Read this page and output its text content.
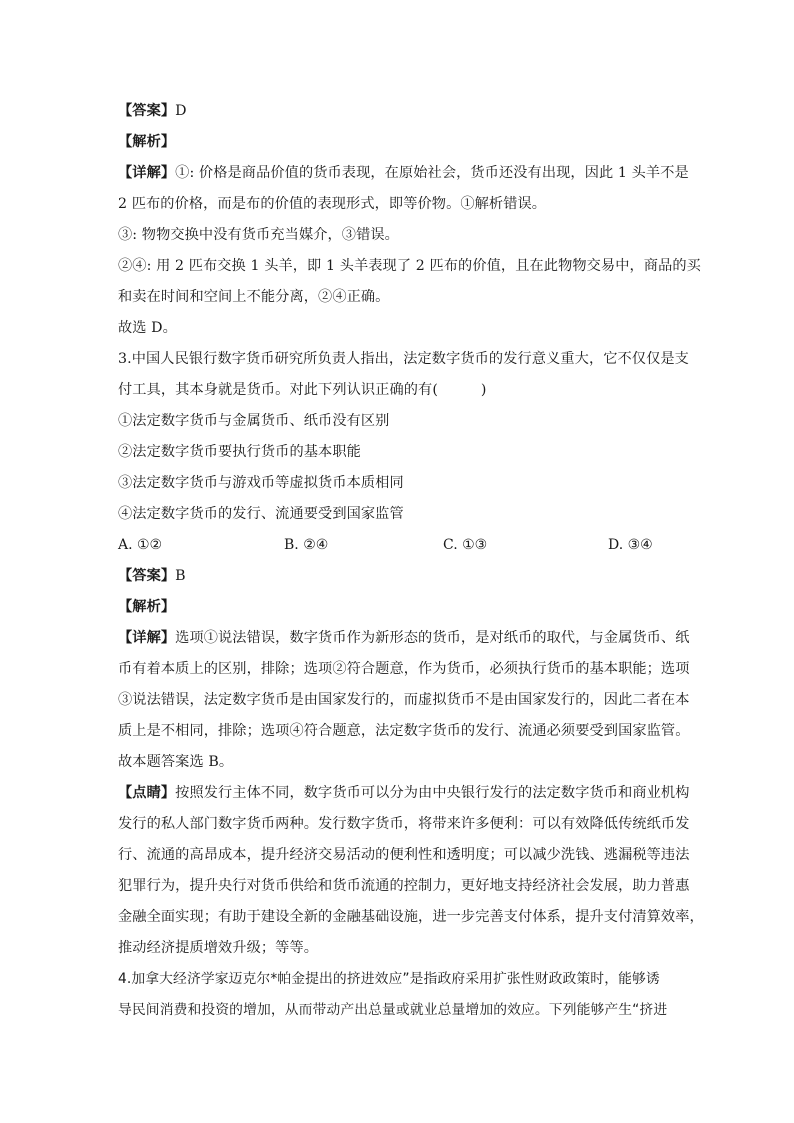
【答案】D
【解析】
【详解】①: 价格是商品价值的货币表现，在原始社会，货币还没有出现，因此 1 头羊不是
2 匹布的价格，而是布的价值的表现形式，即等价物。①解析错误。
③: 物物交换中没有货币充当媒介，③错误。
②④: 用 2 匹布交换 1 头羊，即 1 头羊表现了 2 匹布的价值，且在此物物交易中，商品的买
和卖在时间和空间上不能分离，②④正确。
故选 D。
3.中国人民银行数字货币研究所负责人指出，法定数字货币的发行意义重大，它不仅仅是支
付工具，其本身就是货币。对此下列认识正确的有(　　　)
①法定数字货币与金属货币、纸币没有区别
②法定数字货币要执行货币的基本职能
③法定数字货币与游戏币等虚拟货币本质相同
④法定数字货币的发行、流通要受到国家监管
A. ①②	B. ②④	C. ①③	D. ③④
【答案】B
【解析】
【详解】选项①说法错误，数字货币作为新形态的货币，是对纸币的取代，与金属货币、纸
币有着本质上的区别，排除；选项②符合题意，作为货币，必须执行货币的基本职能；选项
③说法错误，法定数字货币是由国家发行的，而虚拟货币不是由国家发行的，因此二者在本
质上是不相同，排除；选项④符合题意，法定数字货币的发行、流通必须要受到国家监管。
故本题答案选 B。
【点睛】按照发行主体不同，数字货币可以分为由中央银行发行的法定数字货币和商业机构
发行的私人部门数字货币两种。发行数字货币，将带来许多便利：可以有效降低传统纸币发
行、流通的高昂成本，提升经济交易活动的便利性和透明度；可以减少洗钱、逃漏税等违法
犯罪行为，提升央行对货币供给和货币流通的控制力，更好地支持经济社会发展，助力普惠
金融全面实现；有助于建设全新的金融基础设施，进一步完善支付体系，提升支付清算效率，
推动经济提质增效升级；等等。
4.加拿大经济学家迈克尔*帕金提出的挤进效应”是指政府采用扩张性财政政策时，能够诱
导民间消费和投资的增加，从而带动产出总量或就业总量增加的效应。下列能够产生“挤进
